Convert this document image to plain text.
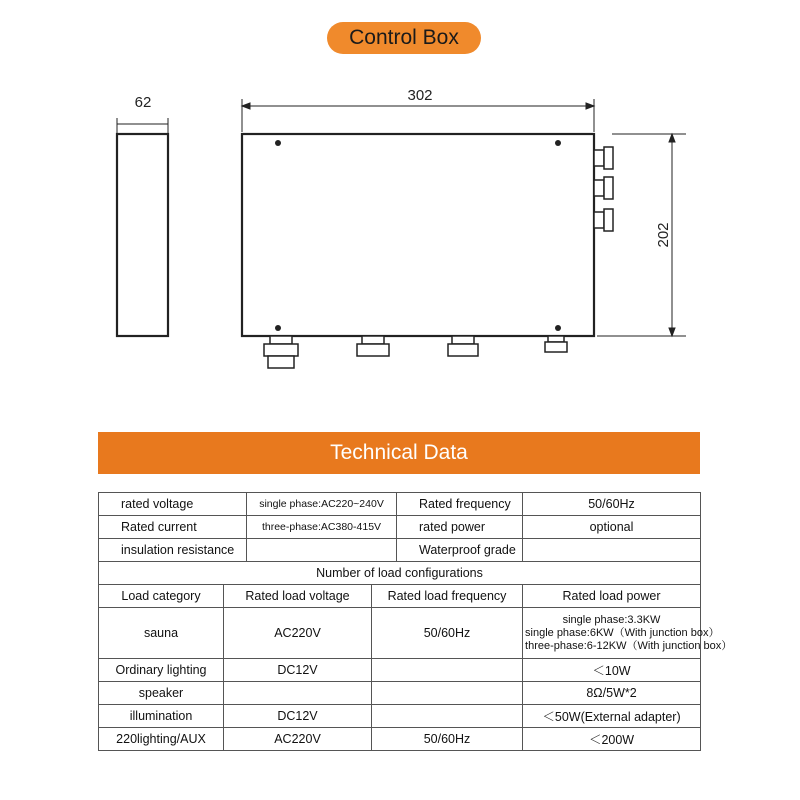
Control Box
62	302
202
Technical Data
rated voltage		single phase:AC220~240V		Rated frequency	50/60Hz
Rated current		three-phase:AC380-415V		rated power	optional
insulation resistance				Waterproof grade	
Number of load configurations					
Load category	Rated load voltage		Rated load frequency		Rated load power
sauna	AC220V		50/60Hz		single phase:3.3KW
single phase:6KW（With junction box）
three-phase:6-12KW（With junction box）

Ordinary lighting	DC12V				＜10W
speaker					8Ω/5W*2
illumination	DC12V				＜50W(External adapter)
220lighting/AUX	AC220V		50/60Hz		＜200W
